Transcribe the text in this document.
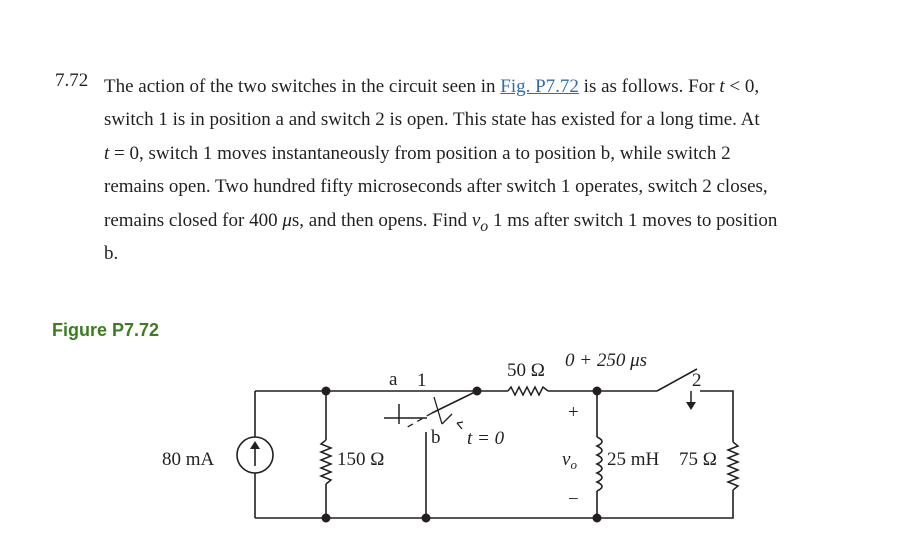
7.72 The action of the two switches in the circuit seen in Fig. P7.72 is as follows. For t < 0,
switch 1 is in position a and switch 2 is open. This state has existed for a long time. At
t = 0, switch 1 moves instantaneously from position a to position b, while switch 2
remains open. Two hundred fifty microseconds after switch 1 operates, switch 2 closes,
remains closed for 400 μs, and then opens. Find $v_o$ 1 ms after switch 1 moves to position
b.
Figure P7.72
80 mA	150 Ω
a 1
b t = 0
50 Ω 0 + 250 μs
2
+
$v_o$
−
25 mH 75 Ω
